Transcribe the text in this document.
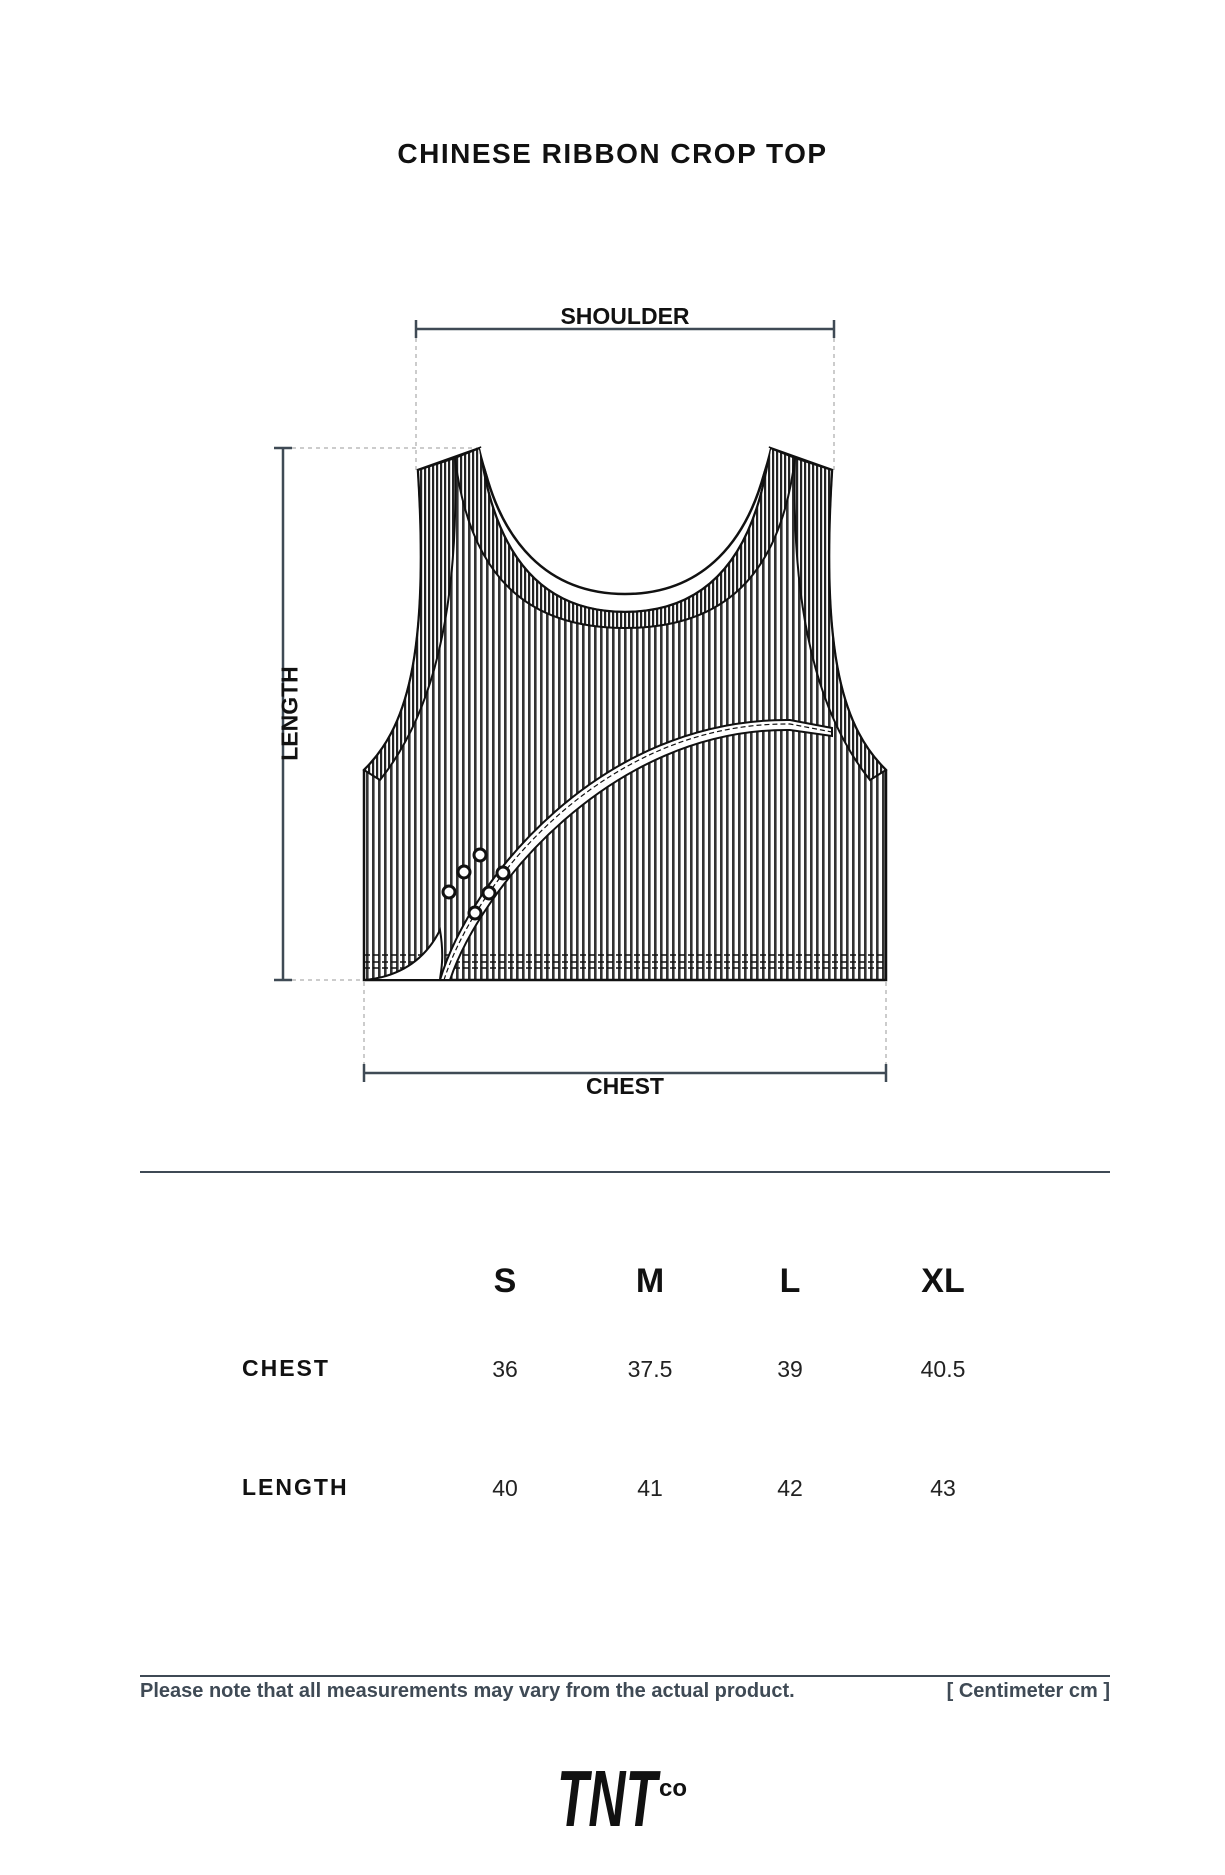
CHINESE RIBBON CROP TOP
SHOULDER
LENGTH
CHEST
S	M	L	XL
CHEST	36	37.5	39	40.5
LENGTH	40	41	42	43
Please note that all measurements may vary from the actual product.	[ Centimeter cm ]
TNT
co
